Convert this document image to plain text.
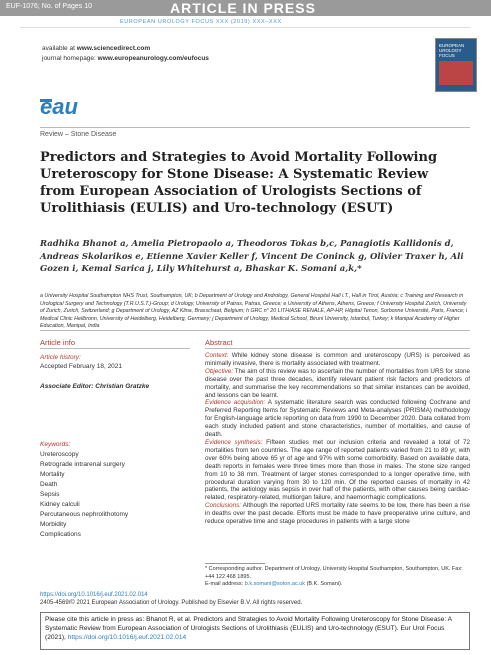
EUF-1076; No. of Pages 10	ARTICLE IN PRESS
EUROPEAN UROLOGY FOCUS XXX (2019) XXX–XXX
available at www.sciencedirect.com
journal homepage: www.europeanurology.com/eufocus
EUROPEAN
UROLOGY FOCUS
eau
Review – Stone Disease
Predictors and Strategies to Avoid Mortality Following Ureteroscopy for Stone Disease: A Systematic Review from European Association of Urologists Sections of Urolithiasis (EULIS) and Uro-technology (ESUT)
Radhika Bhanot a, Amelia Pietropaolo a, Theodoros Tokas b,c, Panagiotis Kallidonis d, Andreas Skolarikos e, Etienne Xavier Keller f, Vincent De Coninck g, Olivier Traxer h, Ali Gozen i, Kemal Sarica j, Lily Whitehurst a, Bhaskar K. Somani a,k,*
a University Hospital Southampton NHS Trust, Southampton, UK; b Department of Urology and Andrology, General Hospital Hall i.T., Hall in Tirol, Austria; c Training and Research in Urological Surgery and Technology (T.R.U.S.T.)-Group; d Urology, University of Patras, Patras, Greece; e University of Athens, Athens, Greece; f University Hospital Zurich, University of Zurich, Zurich, Switzerland; g Department of Urology, AZ Klina, Brasschaat, Belgium; h GRC n° 20 LITHIASE RENALE, AP-HP, Hôpital Tenon, Sorbonne Université, Paris, France; i Medical Clinic Heilbronn, University of Heidelberg, Heidelberg, Germany; j Department of Urology, Medical School, Biruni University, Istanbul, Turkey; k Manipal Academy of Higher Education, Manipal, India
Article info	Abstract
Article history:
Accepted February 18, 2021
Associate Editor: Christian Gratzke
Keywords:
Ureteroscopy
Retrograde intrarenal surgery
Mortality
Death
Sepsis
Kidney calculi
Percutaneous nephrolithotomy
Morbidity
Complications
Context: While kidney stone disease is common and ureteroscopy (URS) is perceived as minimally invasive, there is mortality associated with treatment.
Objective: The aim of this review was to ascertain the number of mortalities from URS for stone disease over the past three decades, identify relevant patient risk factors and predictors of mortality, and summarise the key recommendations so that similar instances can be avoided, and lessons can be learnt.
Evidence acquisition: A systematic literature search was conducted following Cochrane and Preferred Reporting Items for Systematic Reviews and Meta-analyses (PRISMA) methodology for English-language article reporting on data from 1990 to December 2020. Data collated from each study included patient and stone characteristics, number of mortalities, and cause of death.
Evidence synthesis: Fifteen studies met our inclusion criteria and revealed a total of 72 mortalities from ten countries. The age range of reported patients varied from 21 to 89 yr, with over 60% being above 65 yr of age and 97% with some comorbidity. Based on available data, death reports in females were three times more than those in males. The stone size ranged from 10 to 38 mm. Treatment of larger stones corresponded to a longer operative time, with procedural duration varying from 30 to 120 min. Of the reported causes of mortality in 42 patients, the aetiology was sepsis in over half of the patients, with other causes being cardiac-related, respiratory-related, multiorgan failure, and haemorrhagic complications.
Conclusions: Although the reported URS mortality rate seems to be low, there has been a rise in deaths over the past decade. Efforts must be made to have preoperative urine culture, and reduce operative time and stage procedures in patients with a large stone
* Corresponding author. Department of Urology, University Hospital Southampton, Southampton, UK. Fax: +44 122 468 1895.
E-mail address: b.k.somani@soton.ac.uk (B.K. Somani).
https://doi.org/10.1016/j.euf.2021.02.014
2405-4569/© 2021 European Association of Urology. Published by Elsevier B.V. All rights reserved.
Please cite this article in press as: Bhanot R, et al. Predictors and Strategies to Avoid Mortality Following Ureteroscopy for Stone Disease: A Systematic Review from European Association of Urologists Sections of Urolithiasis (EULIS) and Uro-technology (ESUT). Eur Urol Focus (2021), https://doi.org/10.1016/j.euf.2021.02.014
